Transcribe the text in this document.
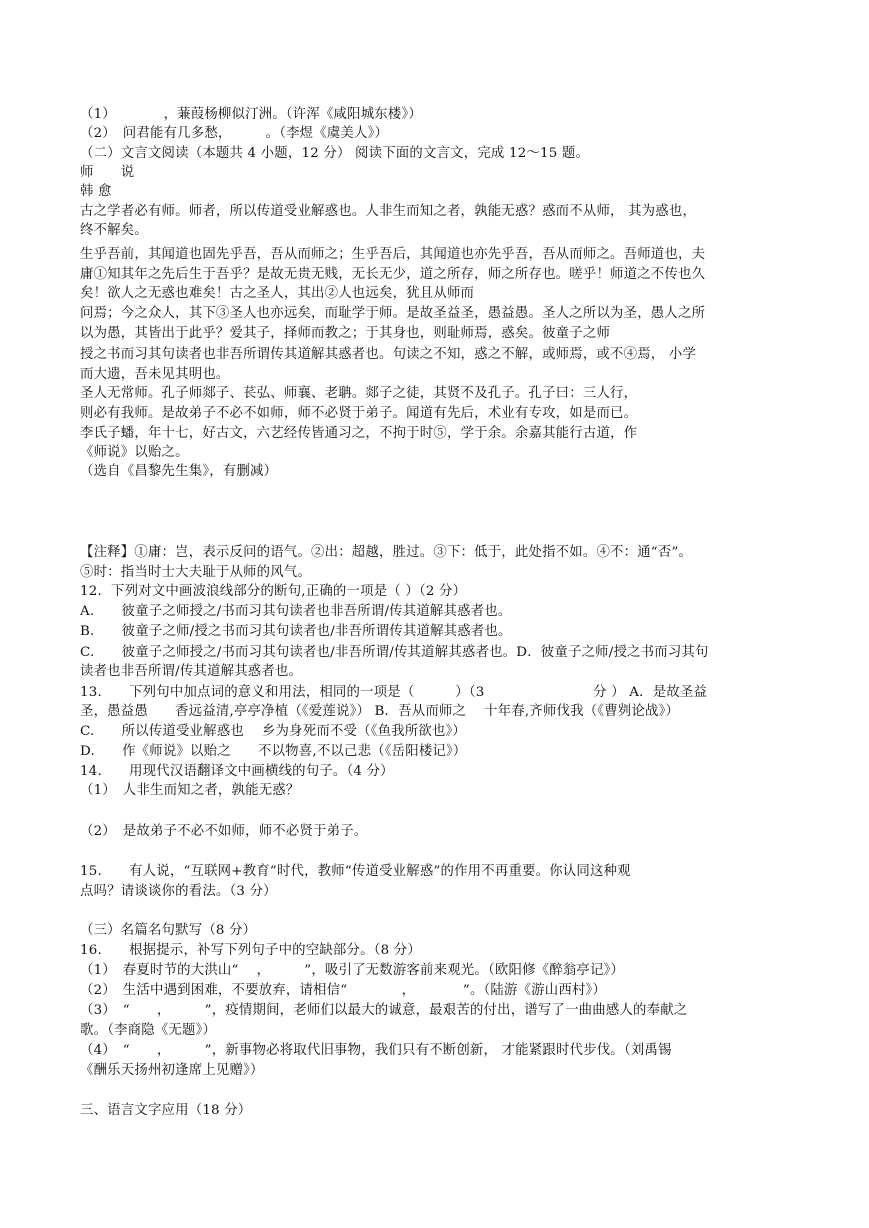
（1）　　　　，蒹葭杨柳似汀洲。（许浑《咸阳城东楼》）
（2）　问君能有几多愁，　　　。（李煜《虞美人》）
（二）文言文阅读（本题共 4 小题，12 分） 阅读下面的文言文，完成 12～15 题。
师　　说
韩 愈
古之学者必有师。师者，所以传道受业解惑也。人非生而知之者，孰能无惑？惑而不从师， 其为惑也，
终不解矣。
生乎吾前，其闻道也固先乎吾，吾从而师之；生乎吾后，其闻道也亦先乎吾，吾从而师之。吾师道也，夫
庸①知其年之先后生于吾乎？是故无贵无贱，无长无少，道之所存，师之所存也。嗟乎！师道之不传也久
矣！欲人之无惑也难矣！古之圣人，其出②人也远矣，犹且从师而
问焉；今之众人，其下③圣人也亦远矣，而耻学于师。是故圣益圣，愚益愚。圣人之所以为圣，愚人之所
以为愚，其皆出于此乎？爱其子，择师而教之；于其身也，则耻师焉，惑矣。彼童子之师
授之书而习其句读者也非吾所谓传其道解其惑者也。句读之不知，惑之不解，或师焉，或不④焉， 小学
而大遗，吾未见其明也。
圣人无常师。孔子师郯子、苌弘、师襄、老聃。郯子之徒，其贤不及孔子。孔子曰：三人行，
则必有我师。是故弟子不必不如师，师不必贤于弟子。闻道有先后，术业有专攻，如是而已。
李氏子蟠，年十七，好古文，六艺经传皆通习之，不拘于时⑤，学于余。余嘉其能行古道，作
《师说》以贻之。
（选自《昌黎先生集》，有删减）
【注释】①庸：岂，表示反问的语气。②出：超越，胜过。③下：低于，此处指不如。④不：通“否”。
⑤时：指当时士大夫耻于从师的风气。
12．下列对文中画波浪线部分的断句,正确的一项是（ ）（2 分）
A.　　彼童子之师授之/书而习其句读者也非吾所谓/传其道解其惑者也。
B.　　彼童子之师/授之书而习其句读者也/非吾所谓传其道解其惑者也。
C.　　彼童子之师授之/书而习其句读者也/非吾所谓/传其道解其惑者也。D．彼童子之师/授之书而习其句
读者也非吾所谓/传其道解其惑者也。
13.　　下列句中加点词的意义和用法，相同的一项是（　　　）（3　　　　　　　　分 ） A．是故圣益
圣，愚益愚　　香远益清,亭亭净植（《爱莲说》） B．吾从而师之　 十年春,齐师伐我（《曹刿论战》）
C.　　所以传道受业解惑也　 乡为身死而不受（《鱼我所欲也》）
D.　　作《师说》以贻之　　不以物喜,不以己悲（《岳阳楼记》）
14.　　用现代汉语翻译文中画横线的句子。（4 分）
（1）　人非生而知之者，孰能无惑？
（2）　是故弟子不必不如师，师不必贤于弟子。
15.　　有人说，“互联网+教育”时代，教师“传道受业解惑”的作用不再重要。你认同这种观
点吗？请谈谈你的看法。（3 分）
（三）名篇名句默写（8 分）
16.　　根据提示，补写下列句子中的空缺部分。（8 分）
（1）　春夏时节的大洪山“　 ，　　　”，吸引了无数游客前来观光。（欧阳修《醉翁亭记》）
（2）　生活中遇到困难，不要放弃，请相信“　　　　，　　　　”。（陆游《游山西村》）
（3）　“　　，　　　”，疫情期间，老师们以最大的诚意，最艰苦的付出，谱写了一曲曲感人的奉献之
歌。（李商隐《无题》）
（4）　“　　，　　　”，新事物必将取代旧事物，我们只有不断创新， 才能紧跟时代步伐。（刘禹锡
《酬乐天扬州初逢席上见赠》）
三、语言文字应用（18 分）
